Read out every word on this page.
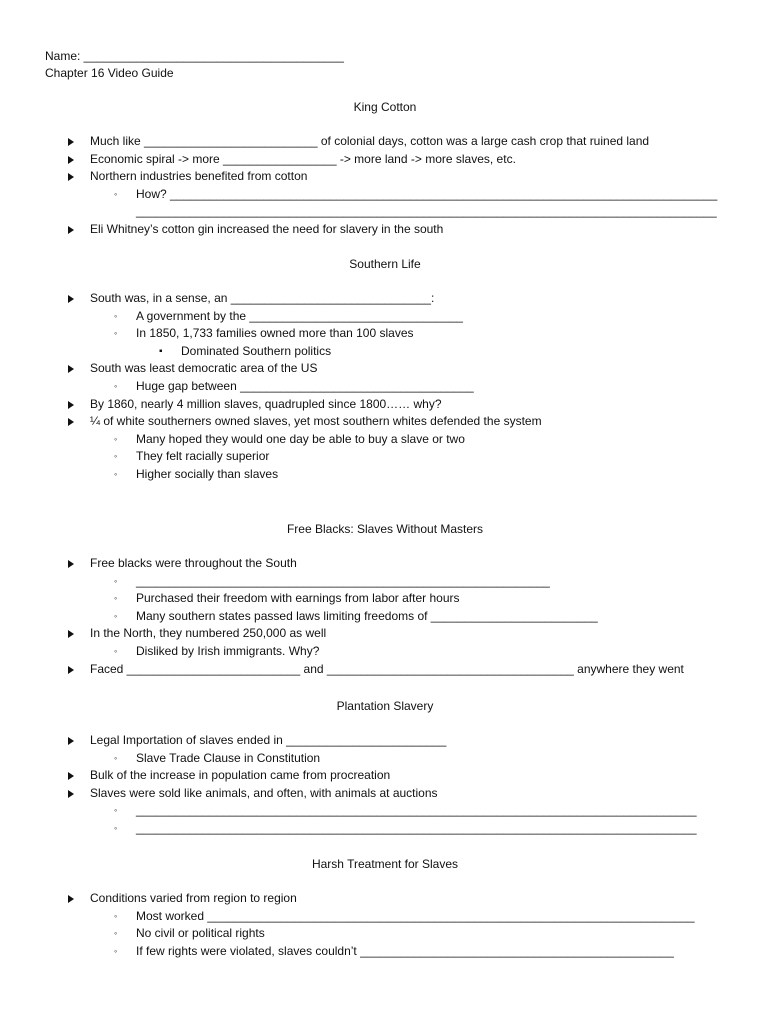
Name: _______________________________________
Chapter 16 Video Guide
King Cotton
Much like __________________________ of colonial days, cotton was a large cash crop that ruined land
Economic spiral -> more _________________ -> more land -> more slaves, etc.
Northern industries benefited from cotton
◦ How? __________________________________________________________________________________
_______________________________________________________________________________________
Eli Whitney’s cotton gin increased the need for slavery in the south
Southern Life
South was, in a sense, an ______________________________:
◦ A government by the ________________________________
◦ In 1850, 1,733 families owned more than 100 slaves
▪ Dominated Southern politics
South was least democratic area of the US
◦ Huge gap between ___________________________________
By 1860, nearly 4 million slaves, quadrupled since 1800…… why?
¼ of white southerners owned slaves, yet most southern whites defended the system
◦ Many hoped they would one day be able to buy a slave or two
◦ They felt racially superior
◦ Higher socially than slaves
Free Blacks: Slaves Without Masters
Free blacks were throughout the South
◦ ______________________________________________________________
◦ Purchased their freedom with earnings from labor after hours
◦ Many southern states passed laws limiting freedoms of _________________________
In the North, they numbered 250,000 as well
◦ Disliked by Irish immigrants. Why?
Faced __________________________ and _____________________________________ anywhere they went
Plantation Slavery
Legal Importation of slaves ended in ________________________
◦ Slave Trade Clause in Constitution
Bulk of the increase in population came from procreation
Slaves were sold like animals, and often, with animals at auctions
◦ ____________________________________________________________________________________
◦ ____________________________________________________________________________________
Harsh Treatment for Slaves
Conditions varied from region to region
◦ Most worked _________________________________________________________________________
◦ No civil or political rights
◦ If few rights were violated, slaves couldn’t _______________________________________________
